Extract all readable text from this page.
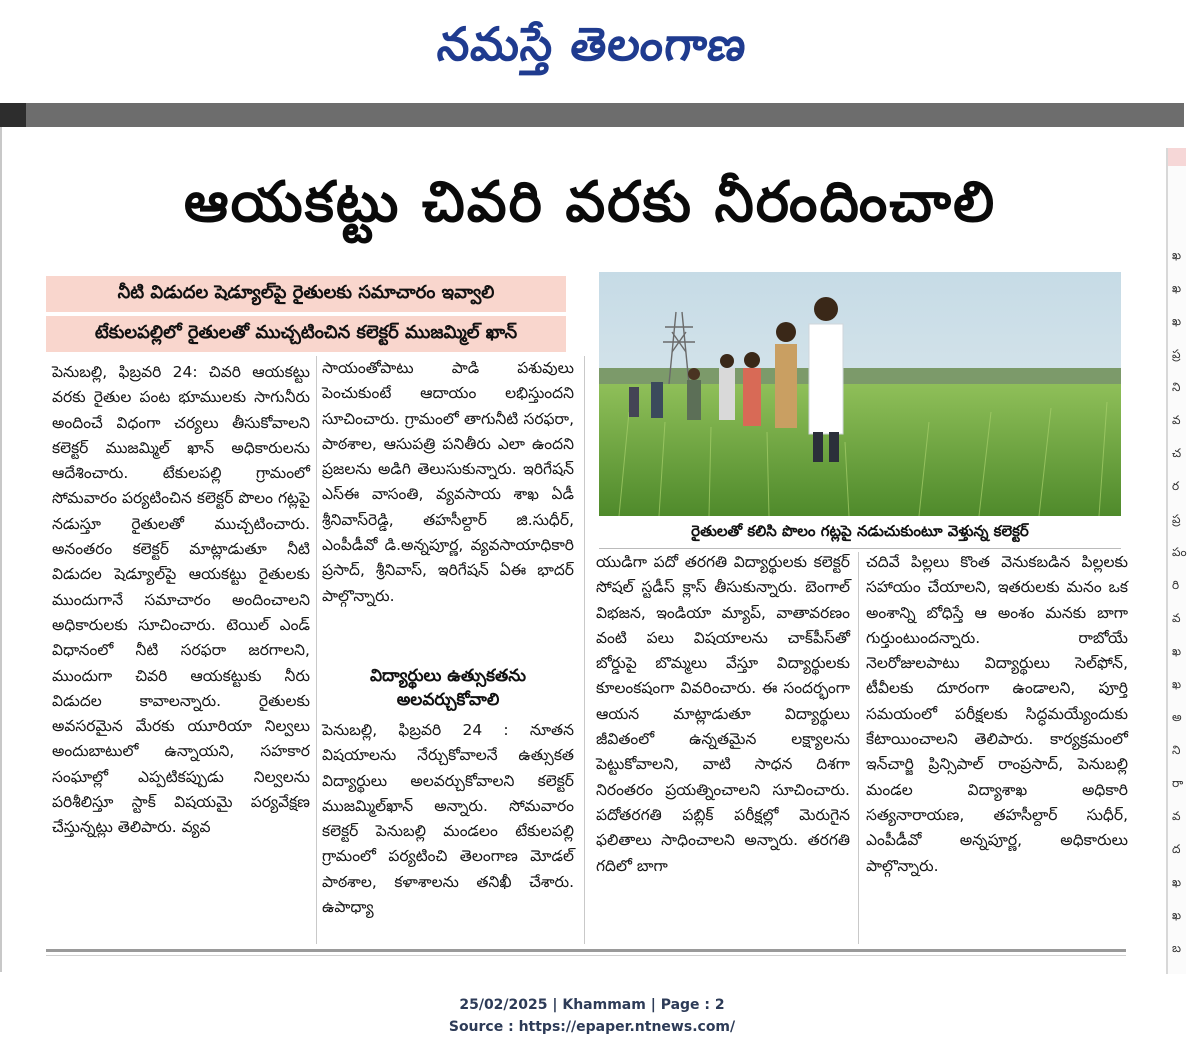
నమస్తే తెలంగాణ
ఖ
ఖ
ఖ
ప్ర
ని
వ
చ
ర
ప్ర
పం
రి
వ
ఖ
ఖ
అ
ని
రా
వ
ద
ఖ
ఖ
బ
ఆయకట్టు చివరి వరకు నీరందించాలి
నీటి విడుదల షెడ్యూల్‌పై రైతులకు సమాచారం ఇవ్వాలి
టేకులపల్లిలో రైతులతో ముచ్చటించిన కలెక్టర్ ముజమ్మిల్ ఖాన్
రైతులతో కలిసి పొలం గట్లపై నడుచుకుంటూ వెళ్తున్న కలెక్టర్
పెనుబల్లి, ఫిబ్రవరి 24: చివరి ఆయకట్టు వరకు రైతుల పంట భూములకు సాగునీరు అందించే విధంగా చర్యలు తీసుకోవాలని కలెక్టర్ ముజమ్మిల్ ఖాన్ అధికారులను ఆదేశించారు. టేకులపల్లి గ్రామంలో సోమవారం పర్యటించిన కలెక్టర్ పొలం గట్లపై నడుస్తూ రైతులతో ముచ్చటించారు. అనంతరం కలెక్టర్ మాట్లాడుతూ నీటి విడుదల షెడ్యూల్‌పై ఆయకట్టు రైతులకు ముందుగానే సమాచారం అందించాలని అధికారులకు సూచించారు. టెయిల్ ఎండ్ విధానంలో నీటి సరఫరా జరగాలని, ముందుగా చివరి ఆయకట్టుకు నీరు విడుదల కావాలన్నారు. రైతులకు అవసరమైన మేరకు యూరియా నిల్వలు అందుబాటులో ఉన్నాయని, సహకార సంఘాల్లో ఎప్పటికప్పుడు నిల్వలను పరిశీలిస్తూ స్టాక్ విషయమై పర్యవేక్షణ చేస్తున్నట్లు తెలిపారు. వ్యవ
సాయంతోపాటు పాడి పశువులు పెంచుకుంటే ఆదాయం లభిస్తుందని సూచించారు. గ్రామంలో తాగునీటి సరఫరా, పాఠశాల, ఆసుపత్రి పనితీరు ఎలా ఉందని ప్రజలను అడిగి తెలుసుకున్నారు. ఇరిగేషన్ ఎస్ఈ వాసంతి, వ్యవసాయ శాఖ ఏడీ శ్రీనివాస్‌రెడ్డి, తహసీల్దార్ జి.సుధీర్, ఎంపీడీవో డి.అన్నపూర్ణ, వ్యవసాయాధికారి ప్రసాద్, శ్రీనివాస్, ఇరిగేషన్ ఏఈ భాదర్ పాల్గొన్నారు.
విద్యార్థులు ఉత్సుకతను అలవర్చుకోవాలి
పెనుబల్లి, ఫిబ్రవరి 24 : నూతన విషయాలను నేర్చుకోవాలనే ఉత్సుకత విద్యార్థులు అలవర్చుకోవాలని కలెక్టర్ ముజమ్మిల్‌ఖాన్ అన్నారు. సోమవారం కలెక్టర్ పెనుబల్లి మండలం టేకులపల్లి గ్రామంలో పర్యటించి తెలంగాణ మోడల్ పాఠశాల, కళాశాలను తనిఖీ చేశారు. ఉపాధ్యా
యుడిగా పదో తరగతి విద్యార్థులకు కలెక్టర్ సోషల్ స్టడీస్ క్లాస్ తీసుకున్నారు. బెంగాల్ విభజన, ఇండియా మ్యాప్, వాతావరణం వంటి పలు విషయాలను చాక్‌పీస్‌తో బోర్డుపై బొమ్మలు వేస్తూ విద్యార్థులకు కూలంకషంగా వివరించారు. ఈ సందర్భంగా ఆయన మాట్లాడుతూ విద్యార్థులు జీవితంలో ఉన్నతమైన లక్ష్యాలను పెట్టుకోవాలని, వాటి సాధన దిశగా నిరంతరం ప్రయత్నించాలని సూచించారు. పదోతరగతి పబ్లిక్ పరీక్షల్లో మెరుగైన ఫలితాలు సాధించాలని అన్నారు. తరగతి గదిలో బాగా
చదివే పిల్లలు కొంత వెనుకబడిన పిల్లలకు సహాయం చేయాలని, ఇతరులకు మనం ఒక అంశాన్ని బోధిస్తే ఆ అంశం మనకు బాగా గుర్తుంటుందన్నారు. రాబోయే నెలరోజులపాటు విద్యార్థులు సెల్‌ఫోన్, టీవీలకు దూరంగా ఉండాలని, పూర్తి సమయంలో పరీక్షలకు సిద్ధమయ్యేందుకు కేటాయించాలని తెలిపారు. కార్యక్రమంలో ఇన్‌చార్జి ప్రిన్సిపాల్ రాంప్రసాద్, పెనుబల్లి మండల విద్యాశాఖ అధికారి సత్యనారాయణ, తహసీల్దార్ సుధీర్, ఎంపీడీవో అన్నపూర్ణ, అధికారులు పాల్గొన్నారు.
25/02/2025 | Khammam | Page : 2
Source : https://epaper.ntnews.com/
